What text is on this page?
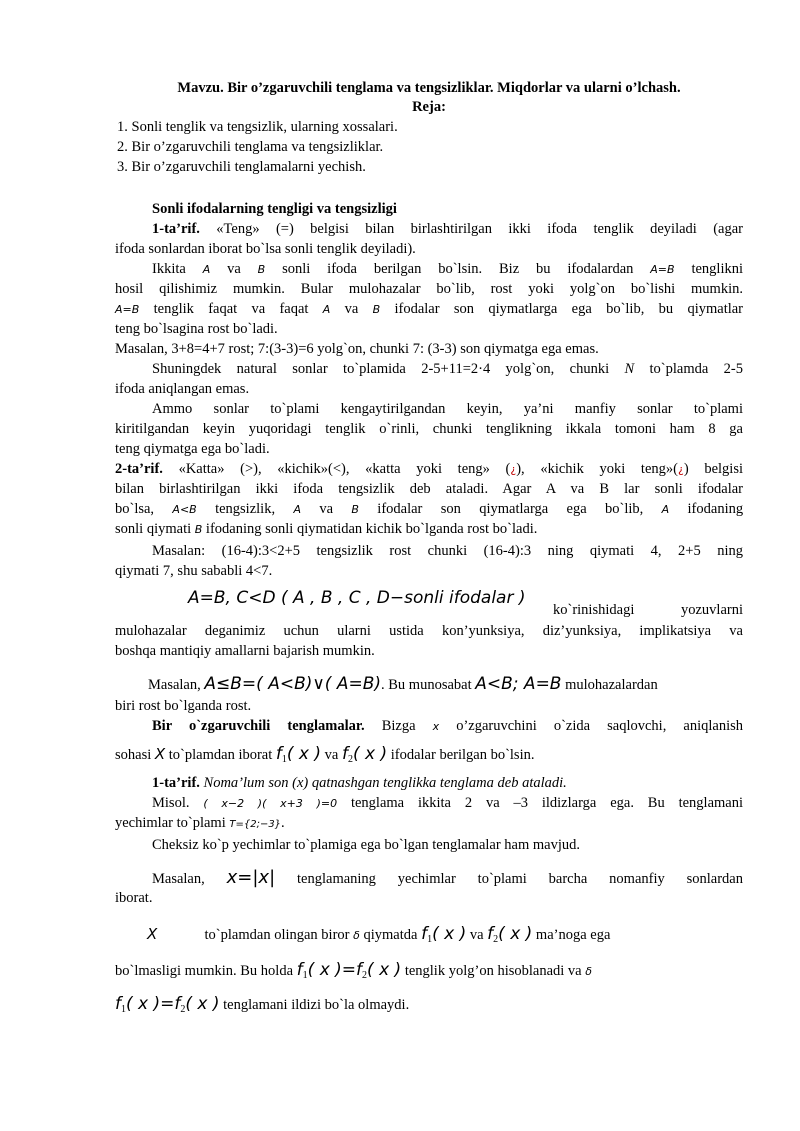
Mavzu. Bir o’zgaruvchili tenglama va tengsizliklar. Miqdorlar va ularni o’lchash.
Reja:
1. Sonli tenglik va tengsizlik, ularning xossalari.
2. Bir o’zgaruvchili tenglama va tengsizliklar.
3. Bir o’zgaruvchili tenglamalarni yechish.
Sonli ifodalarning tengligi va tengsizligi
1-ta’rif. «Teng» (=) belgisi bilan birlashtirilgan ikki ifoda tenglik deyiladi (agar
ifoda sonlardan iborat bo`lsa sonli tenglik deyiladi).
Ikkita A va B sonli ifoda berilgan bo`lsin. Biz bu ifodalardan A=B tenglikni
hosil qilishimiz mumkin. Bular mulohazalar bo`lib, rost yoki yolg`on bo`lishi mumkin.
A=B tenglik faqat va faqat A va B ifodalar son qiymatlarga ega bo`lib, bu qiymatlar
teng bo`lsagina rost bo`ladi.
Masalan, 3+8=4+7 rost; 7:(3-3)=6 yolg`on, chunki 7: (3-3) son qiymatga ega emas.
Shuningdek natural sonlar to`plamida 2-5+11=2·4 yolg`on, chunki N to`plamda 2-5
ifoda aniqlangan emas.
Ammo sonlar to`plami kengaytirilgandan keyin, ya’ni manfiy sonlar to`plami
kiritilgandan keyin yuqoridagi tenglik o`rinli, chunki tenglikning ikkala tomoni ham 8 ga
teng qiymatga ega bo`ladi.
2-ta’rif. «Katta» (>), «kichik»(<), «katta yoki teng» (¿), «kichik yoki teng»(¿) belgisi
bilan birlashtirilgan ikki ifoda tengsizlik deb ataladi. Agar A va B lar sonli ifodalar
bo`lsa, A<B tengsizlik, A va B ifodalar son qiymatlarga ega bo`lib, A ifodaning
sonli qiymati B ifodaning sonli qiymatidan kichik bo`lganda rost bo`ladi.
Masalan: (16-4):3<2+5 tengsizlik rost chunki (16-4):3 ning qiymati 4, 2+5 ning
qiymati 7, shu sababli 4<7.
A=B, C<D ( A , B , C , D−sonli ifodalar )
ko`rinishidagi yozuvlarni
mulohazalar deganimiz uchun ularni ustida kon’yunksiya, diz’yunksiya, implikatsiya va
boshqa mantiqiy amallarni bajarish mumkin.
Masalan, A≤B=( A<B)∨( A=B). Bu munosabat A<B; A=B mulohazalardan
biri rost bo`lganda rost.
Bir o`zgaruvchili tenglamalar. Bizga x o’zgaruvchini o`zida saqlovchi, aniqlanish
sohasi X to`plamdan iborat $f_1$( x ) va $f_2$( x ) ifodalar berilgan bo`lsin.
1-ta’rif. Noma’lum son (x) qatnashgan tenglikka tenglama deb ataladi.
Misol. ( x−2 )( x+3 )=0 tenglama ikkita 2 va –3 ildizlarga ega. Bu tenglamani
yechimlar to`plami T={2;−3}.
Cheksiz ko`p yechimlar to`plamiga ega bo`lgan tenglamalar ham mavjud.
Masalan, x=|x| tenglamaning yechimlar to`plami barcha nomanfiy sonlardan
iborat.
X	to`plamdan olingan biror δ qiymatda $f_1$( x ) va $f_2$( x ) ma’noga ega
bo`lmasligi mumkin. Bu holda $f_1$( x )$=f_2$( x ) tenglik yolg’on hisoblanadi va δ
$f_1$( x )$=f_2$( x ) tenglamani ildizi bo`la olmaydi.
